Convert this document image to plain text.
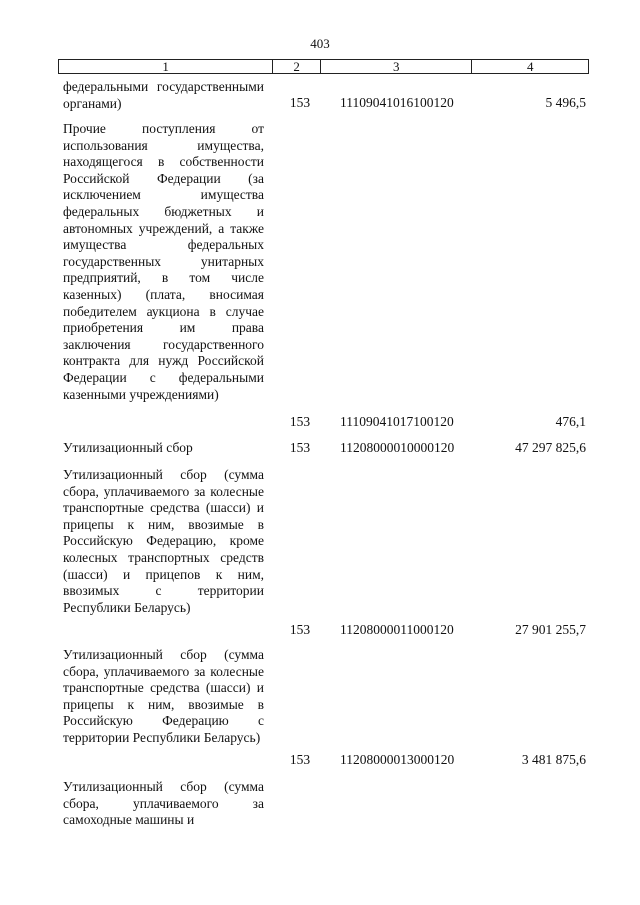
403
1	2	3	4
федеральными государственными органами)	153 11109041016100120	5 496,5
Прочие поступления от использования имущества, находящегося в собственности Российской Федерации (за исключением имущества федеральных бюджетных и автономных учреждений, а также имущества федеральных государственных унитарных предприятий, в том числе казенных) (плата, вносимая победителем аукциона в случае приобретения им права заключения государственного контракта для нужд Российской Федерации с федеральными казенными учреждениями)
153 11109041017100120	476,1
Утилизационный сбор	153 11208000010000120	47 297 825,6
Утилизационный сбор (сумма сбора, уплачиваемого за колесные транспортные средства (шасси) и прицепы к ним, ввозимые в Российскую Федерацию, кроме колесных транспортных средств (шасси) и прицепов к ним, ввозимых с территории Республики Беларусь)
153 11208000011000120	27 901 255,7
Утилизационный сбор (сумма сбора, уплачиваемого за колесные транспортные средства (шасси) и прицепы к ним, ввозимые в Российскую Федерацию с территории Республики Беларусь)
153 11208000013000120	3 481 875,6
Утилизационный сбор (сумма сбора, уплачиваемого за самоходные машины и
